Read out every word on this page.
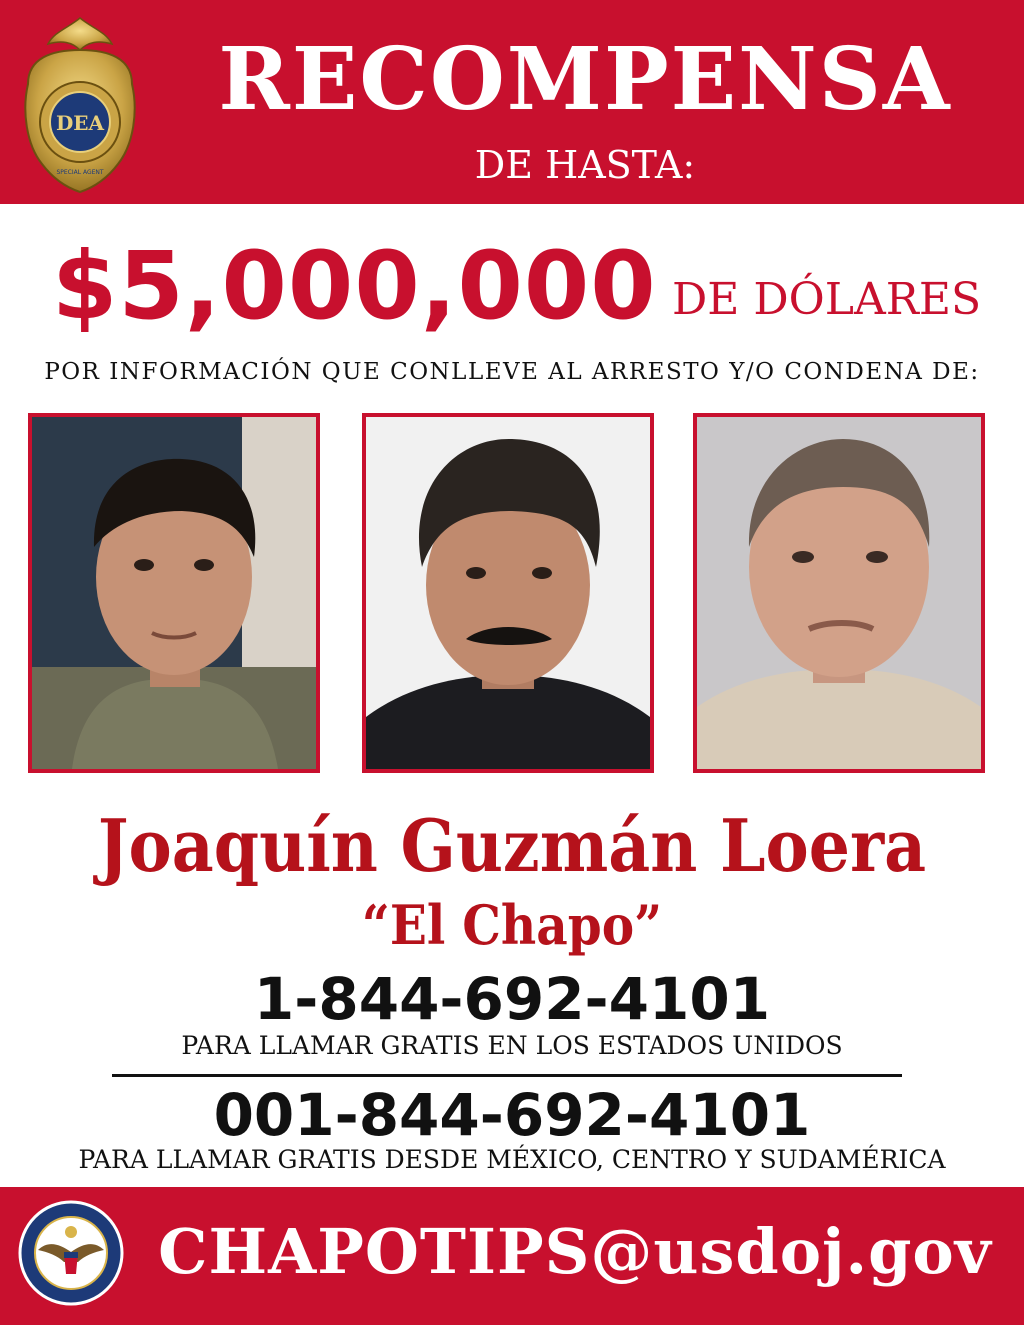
DEA
SPECIAL AGENT
RECOMPENSA
DE HASTA:
$5,000,000 DE DÓLARES
POR INFORMACIÓN QUE CONLLEVE AL ARRESTO Y/O CONDENA DE:
Joaquín Guzmán Loera
“El Chapo”
1-844-692-4101
PARA LLAMAR GRATIS EN LOS ESTADOS UNIDOS
001-844-692-4101
PARA LLAMAR GRATIS DESDE MÉXICO, CENTRO Y SUDAMÉRICA
CHAPOTIPS@usdoj.gov
